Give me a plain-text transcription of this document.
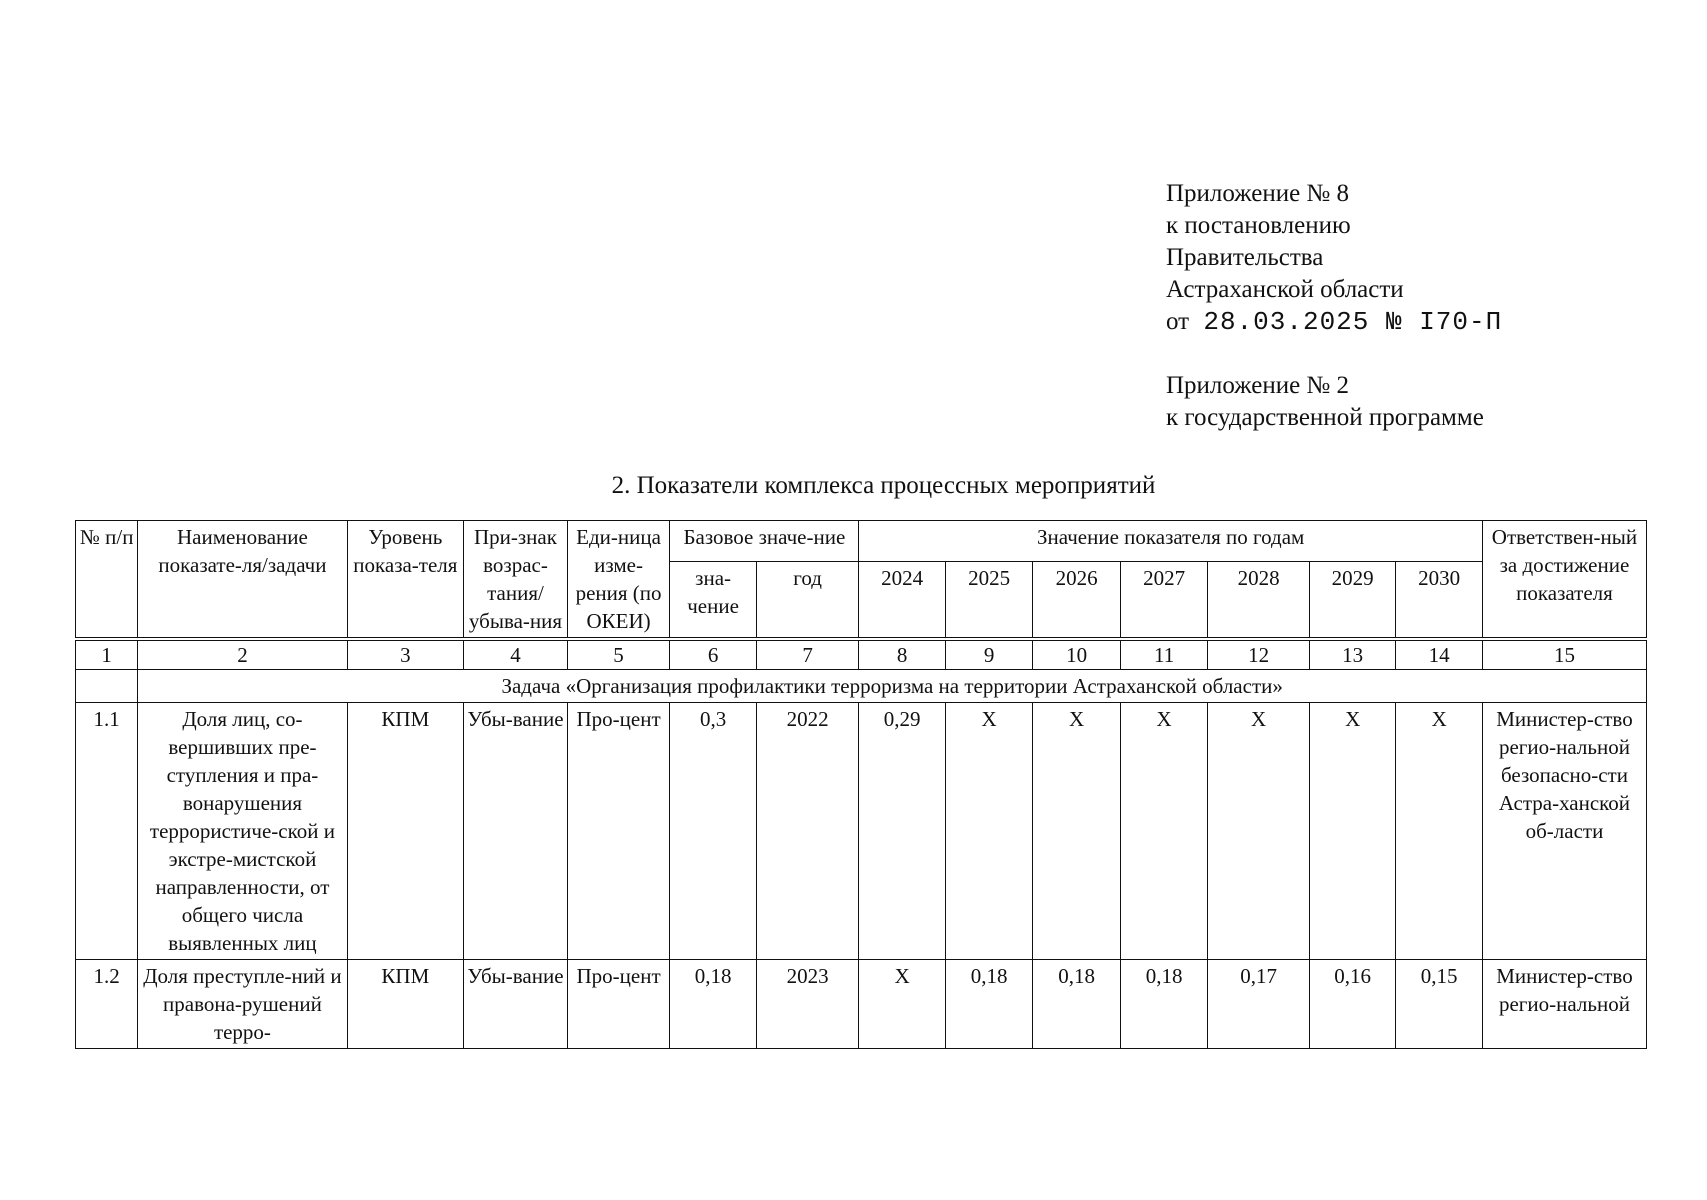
Приложение № 8
к постановлению
Правительства
Астраханской области
от 28.03.2025 № I70-П
Приложение № 2
к государственной программе
2. Показатели комплекса процессных мероприятий
№ п/п	Наименование показате-ля/задачи	Уровень показа-теля	При-знак возрас-тания/ убыва-ния	Еди-ница изме-рения (по ОКЕИ)	Базовое значе-ние		Значение показателя по годам							Ответствен-ный за достижение показателя
					зна-чение	год	2024	2025	2026	2027	2028	2029	2030	
1	2	3	4	5	6	7	8	9	10	11	12	13	14	15
	Задача «Организация профилактики терроризма на территории Астраханской области»													
1.1	Доля лиц, со-вершивших пре-ступления и пра-вонарушения террористиче-ской и экстре-мистской направленности, от общего числа выявленных лиц	КПМ	Убы-вание	Про-цент	0,3	2022	0,29	Х	Х	Х	Х	Х	Х	Министер-ство регио-нальной безопасно-сти Астра-ханской об-ласти
1.2	Доля преступле-ний и правона-рушений терро-	КПМ	Убы-вание	Про-цент	0,18	2023	Х	0,18	0,18	0,18	0,17	0,16	0,15	Министер-ство регио-нальной
